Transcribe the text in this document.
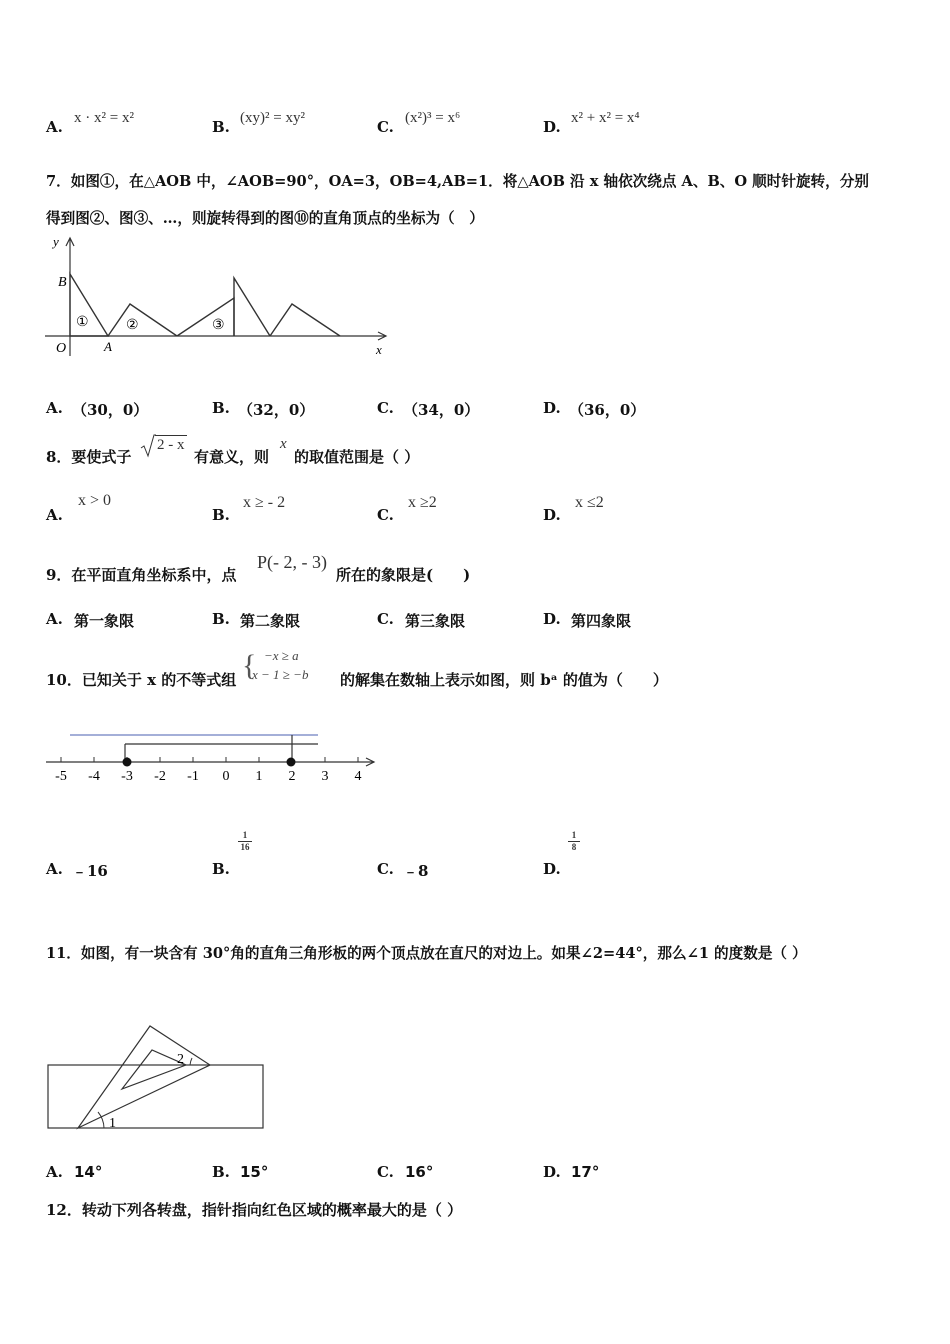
A. x · x² = x²	B. (xy)² = xy²	C. (x²)³ = x⁶	D. x² + x² = x⁴
7．如图①，在△AOB 中，∠AOB=90°，OA=3，OB=4,AB=1．将△AOB 沿 x 轴依次绕点 A、B、O 顺时针旋转，分别
得到图②、图③、…，则旋转得到的图⑩的直角顶点的坐标为（　）
y
x
O
B
A
①	②	③
A. （30，0）	B. （32，0）	C. （34，0）	D. （36，0）
8．要使式子
2 - x
有意义，则
x
的取值范围是（ ）
A.
x > 0
B.
x ≥ - 2
C.
x ≥2
D.
x ≤2
9．在平面直角坐标系中，点
P(- 2, - 3)
所在的象限是(　　)
A. 第一象限	B. 第二象限	C. 第三象限	D. 第四象限
10．已知关于 x 的不等式组 { −x ≥ a
x − 1 ≥ −b 的解集在数轴上表示如图，则 bᵃ 的值为（　　）
-5 -4 -3 -2 -1 0 1 2 3 4
A. ﹣16	B.
$\frac{1}{16}$
C. ﹣8	D.
$\frac{1}{8}$
11．如图，有一块含有 30°角的直角三角形板的两个顶点放在直尺的对边上。如果∠2=44°，那么∠1 的度数是（ ）
1
2
A. 14°	B. 15°	C. 16°	D. 17°
12．转动下列各转盘，指针指向红色区域的概率最大的是（ ）
